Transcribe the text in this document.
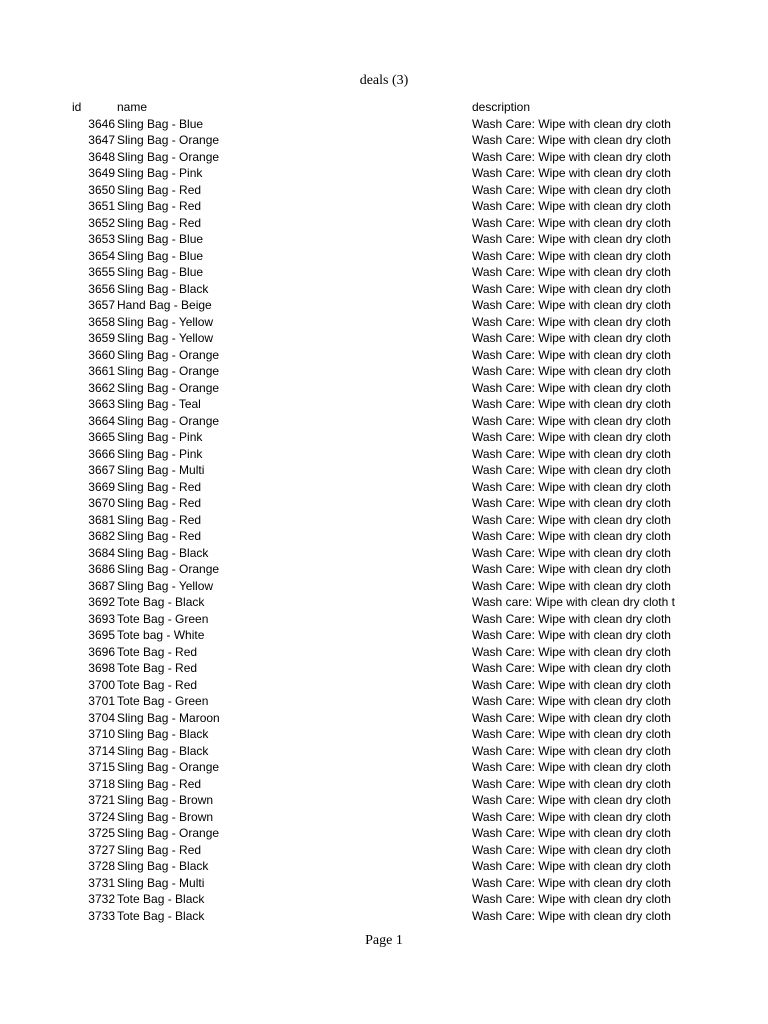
deals (3)
id	name	description
3646 Sling Bag - Blue	Wash Care: Wipe with clean dry cloth
3647 Sling Bag - Orange	Wash Care: Wipe with clean dry cloth
3648 Sling Bag - Orange	Wash Care: Wipe with clean dry cloth
3649 Sling Bag - Pink	Wash Care: Wipe with clean dry cloth
3650 Sling Bag - Red	Wash Care: Wipe with clean dry cloth
3651 Sling Bag - Red	Wash Care: Wipe with clean dry cloth
3652 Sling Bag - Red	Wash Care: Wipe with clean dry cloth
3653 Sling Bag - Blue	Wash Care: Wipe with clean dry cloth
3654 Sling Bag - Blue	Wash Care: Wipe with clean dry cloth
3655 Sling Bag - Blue	Wash Care: Wipe with clean dry cloth
3656 Sling Bag - Black	Wash Care: Wipe with clean dry cloth
3657 Hand Bag - Beige	Wash Care: Wipe with clean dry cloth
3658 Sling Bag - Yellow	Wash Care: Wipe with clean dry cloth
3659 Sling Bag - Yellow	Wash Care: Wipe with clean dry cloth
3660 Sling Bag - Orange	Wash Care: Wipe with clean dry cloth
3661 Sling Bag - Orange	Wash Care: Wipe with clean dry cloth
3662 Sling Bag - Orange	Wash Care: Wipe with clean dry cloth
3663 Sling Bag - Teal	Wash Care: Wipe with clean dry cloth
3664 Sling Bag - Orange	Wash Care: Wipe with clean dry cloth
3665 Sling Bag - Pink	Wash Care: Wipe with clean dry cloth
3666 Sling Bag - Pink	Wash Care: Wipe with clean dry cloth
3667 Sling Bag - Multi	Wash Care: Wipe with clean dry cloth
3669 Sling Bag - Red	Wash Care: Wipe with clean dry cloth
3670 Sling Bag - Red	Wash Care: Wipe with clean dry cloth
3681 Sling Bag - Red	Wash Care: Wipe with clean dry cloth
3682 Sling Bag - Red	Wash Care: Wipe with clean dry cloth
3684 Sling Bag - Black	Wash Care: Wipe with clean dry cloth
3686 Sling Bag - Orange	Wash Care: Wipe with clean dry cloth
3687 Sling Bag - Yellow	Wash Care: Wipe with clean dry cloth
3692 Tote Bag - Black	Wash care: Wipe with clean dry cloth t
3693 Tote Bag - Green	Wash Care: Wipe with clean dry cloth
3695 Tote bag - White	Wash Care: Wipe with clean dry cloth
3696 Tote Bag - Red	Wash Care: Wipe with clean dry cloth
3698 Tote Bag - Red	Wash Care: Wipe with clean dry cloth
3700 Tote Bag - Red	Wash Care: Wipe with clean dry cloth
3701 Tote Bag - Green	Wash Care: Wipe with clean dry cloth
3704 Sling Bag - Maroon	Wash Care: Wipe with clean dry cloth
3710 Sling Bag - Black	Wash Care: Wipe with clean dry cloth
3714 Sling Bag - Black	Wash Care: Wipe with clean dry cloth
3715 Sling Bag - Orange	Wash Care: Wipe with clean dry cloth
3718 Sling Bag - Red	Wash Care: Wipe with clean dry cloth
3721 Sling Bag - Brown	Wash Care: Wipe with clean dry cloth
3724 Sling Bag - Brown	Wash Care: Wipe with clean dry cloth
3725 Sling Bag - Orange	Wash Care: Wipe with clean dry cloth
3727 Sling Bag - Red	Wash Care: Wipe with clean dry cloth
3728 Sling Bag - Black	Wash Care: Wipe with clean dry cloth
3731 Sling Bag - Multi	Wash Care: Wipe with clean dry cloth
3732 Tote Bag - Black	Wash Care: Wipe with clean dry cloth
3733 Tote Bag - Black	Wash Care: Wipe with clean dry cloth
Page 1
